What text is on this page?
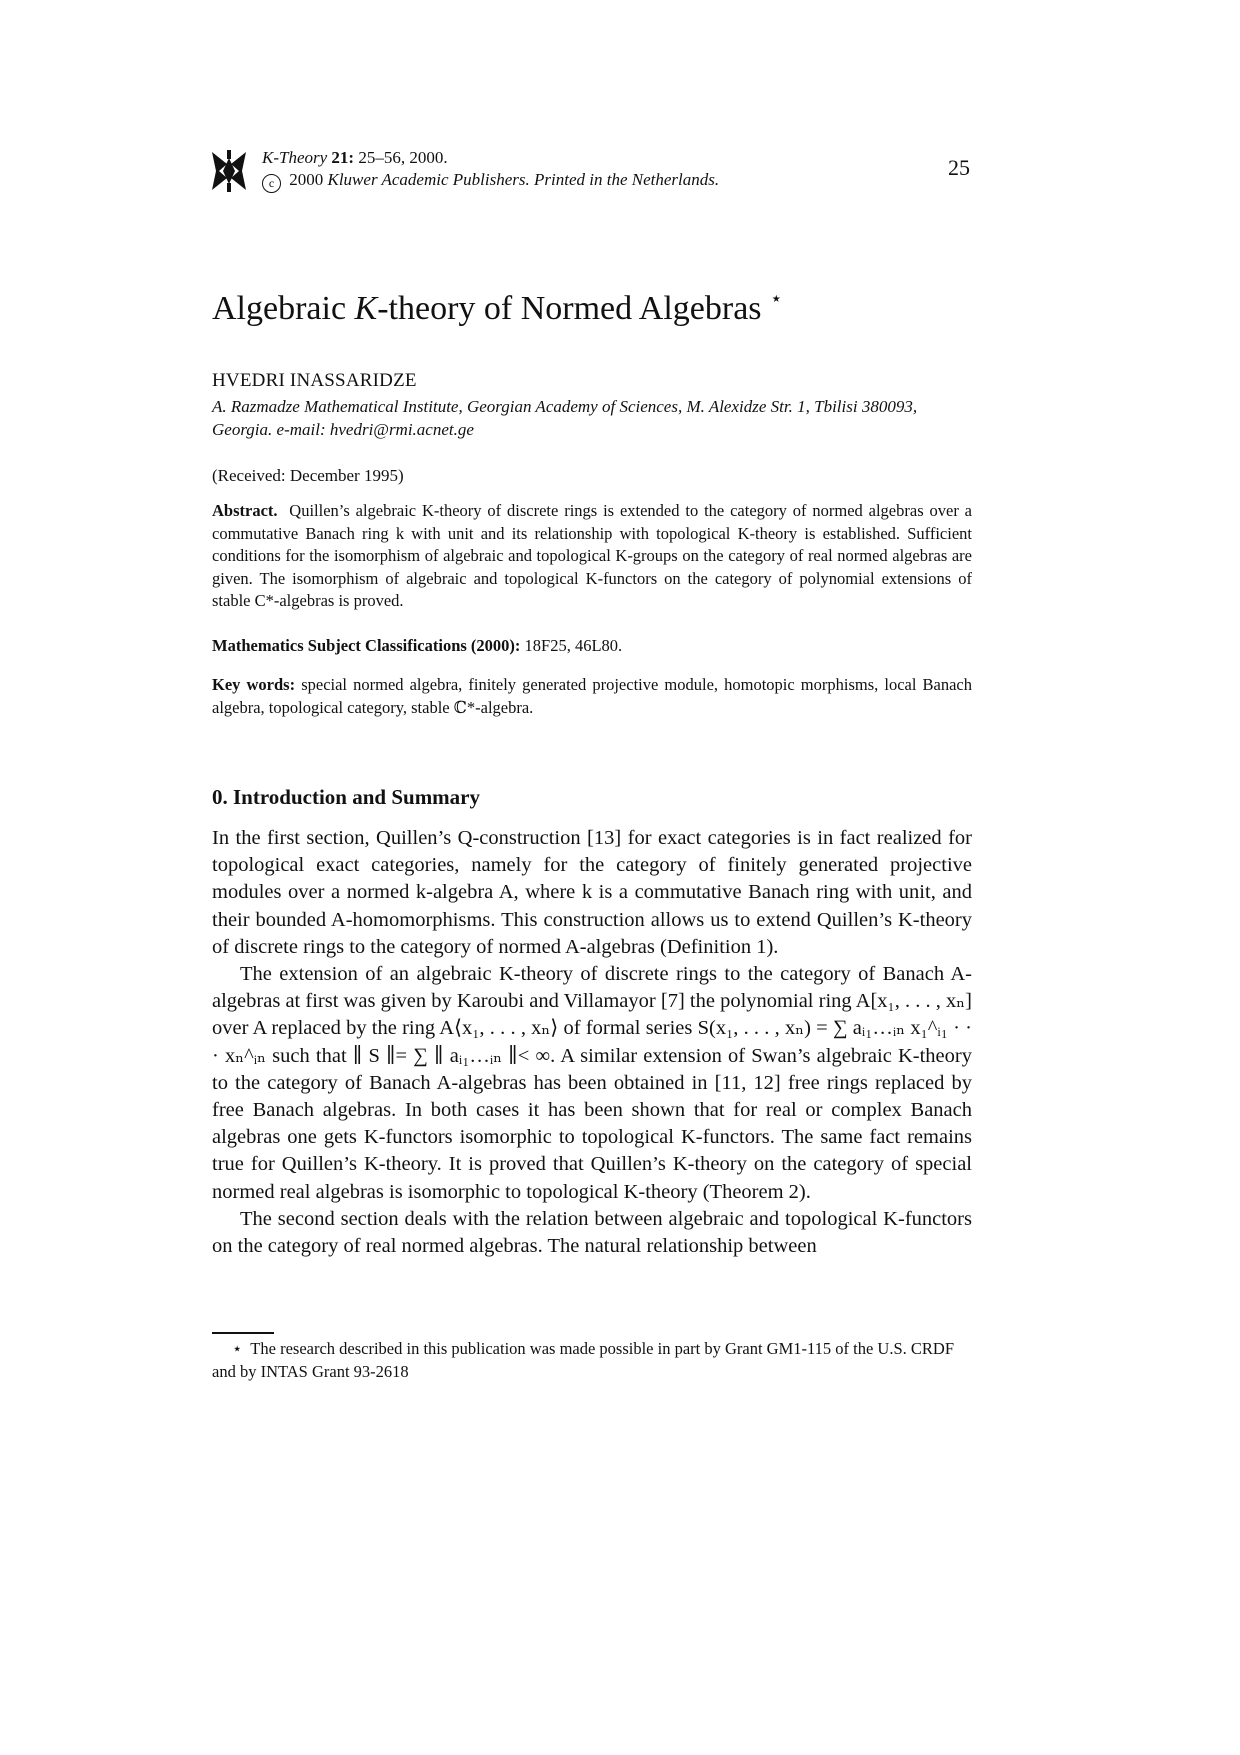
K-Theory 21: 25–56, 2000.
c 2000 Kluwer Academic Publishers. Printed in the Netherlands.	25
Algebraic K-theory of Normed Algebras ⋆
HVEDRI INASSARIDZE
A. Razmadze Mathematical Institute, Georgian Academy of Sciences, M. Alexidze Str. 1, Tbilisi 380093, Georgia. e-mail: hvedri@rmi.acnet.ge
(Received: December 1995)

Abstract. Quillen’s algebraic K-theory of discrete rings is extended to the category of normed algebras over a commutative Banach ring k with unit and its relationship with topological K-theory is established. Sufficient conditions for the isomorphism of algebraic and topological K-groups on the category of real normed algebras are given. The isomorphism of algebraic and topological K-functors on the category of polynomial extensions of stable C*-algebras is proved.

Mathematics Subject Classifications (2000): 18F25, 46L80.

Key words: special normed algebra, finitely generated projective module, homotopic morphisms, local Banach algebra, topological category, stable ℂ*-algebra.

0. Introduction and Summary

In the first section, Quillen’s Q-construction [13] for exact categories is in fact realized for topological exact categories, namely for the category of finitely generated projective modules over a normed k-algebra A, where k is a commutative Banach ring with unit, and their bounded A-homomorphisms. This construction allows us to extend Quillen’s K-theory of discrete rings to the category of normed A-algebras (Definition 1).

The extension of an algebraic K-theory of discrete rings to the category of Banach A-algebras at first was given by Karoubi and Villamayor [7] the polynomial ring A[x₁, . . . , xₙ] over A replaced by the ring A⟨x₁, . . . , xₙ⟩ of formal series S(x₁, . . . , xₙ) = ∑ aᵢ₁…ᵢₙ x₁^ᵢ₁ · · · xₙ^ᵢₙ such that ∥ S ∥= ∑ ∥ aᵢ₁…ᵢₙ ∥< ∞. A similar extension of Swan’s algebraic K-theory to the category of Banach A-algebras has been obtained in [11, 12] free rings replaced by free Banach algebras. In both cases it has been shown that for real or complex Banach algebras one gets K-functors isomorphic to topological K-functors. The same fact remains true for Quillen’s K-theory. It is proved that Quillen’s K-theory on the category of special normed real algebras is isomorphic to topological K-theory (Theorem 2).

The second section deals with the relation between algebraic and topological K-functors on the category of real normed algebras. The natural relationship between

⋆ The research described in this publication was made possible in part by Grant GM1-115 of the U.S. CRDF and by INTAS Grant 93-2618
